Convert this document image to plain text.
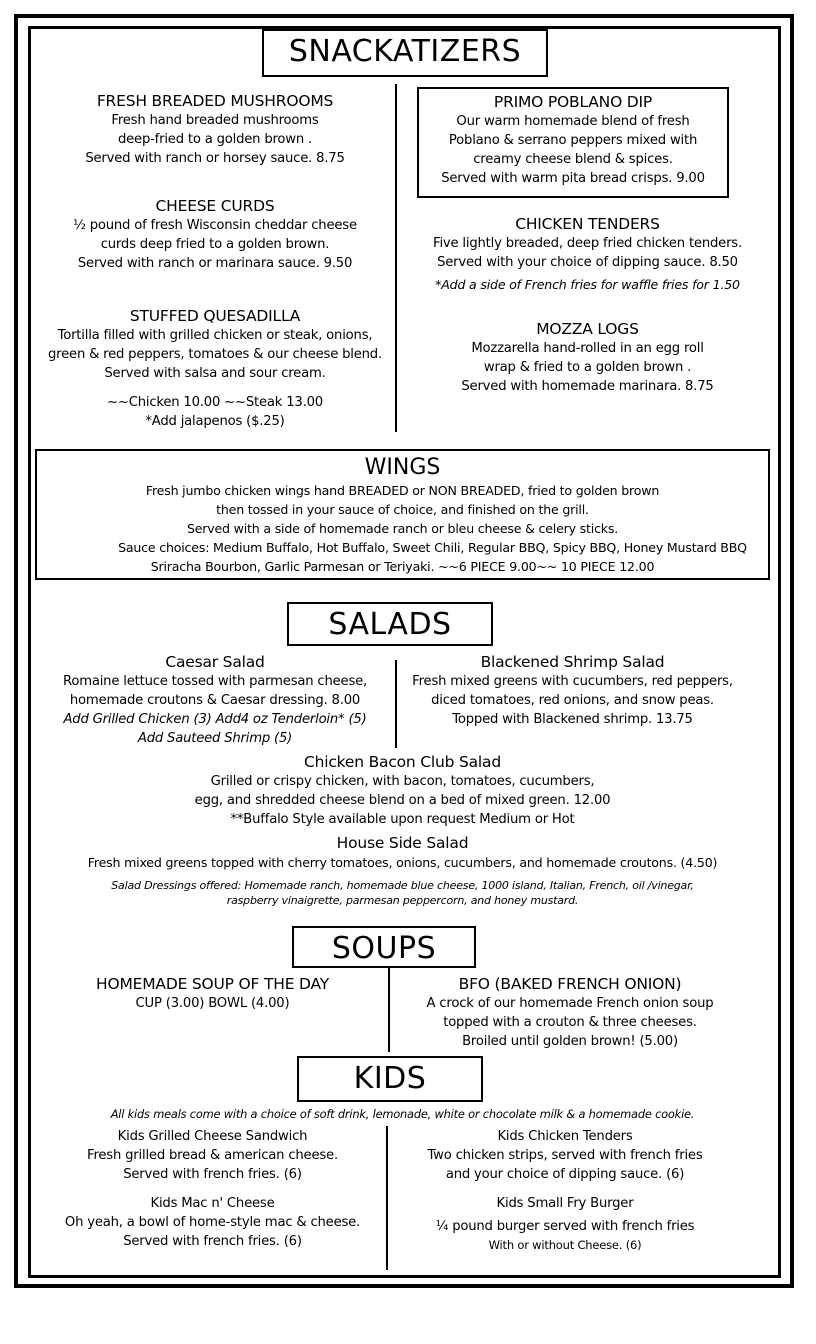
SNACKATIZERS
FRESH BREADED MUSHROOMS
Fresh hand breaded mushrooms
deep-fried to a golden brown .
Served with ranch or horsey sauce. 8.75
CHEESE CURDS
½ pound of fresh Wisconsin cheddar cheese
curds deep fried to a golden brown.
Served with ranch or marinara sauce. 9.50
STUFFED QUESADILLA
Tortilla filled with grilled chicken or steak, onions,
green & red peppers, tomatoes & our cheese blend.
Served with salsa and sour cream.
~~Chicken 10.00 ~~Steak 13.00
*Add jalapenos ($.25)
PRIMO POBLANO DIP
Our warm homemade blend of fresh
Poblano & serrano peppers mixed with
creamy cheese blend & spices.
Served with warm pita bread crisps. 9.00
CHICKEN TENDERS
Five lightly breaded, deep fried chicken tenders.
Served with your choice of dipping sauce. 8.50
*Add a side of French fries for waffle fries for 1.50
MOZZA LOGS
Mozzarella hand-rolled in an egg roll
wrap & fried to a golden brown .
Served with homemade marinara. 8.75
WINGS
Fresh jumbo chicken wings hand BREADED or NON BREADED, fried to golden brown
then tossed in your sauce of choice, and finished on the grill.
Served with a side of homemade ranch or bleu cheese & celery sticks.
Sauce choices: Medium Buffalo, Hot Buffalo, Sweet Chili, Regular BBQ, Spicy BBQ, Honey Mustard BBQ
Sriracha Bourbon, Garlic Parmesan or Teriyaki. ~~6 PIECE 9.00~~ 10 PIECE 12.00
SALADS
Caesar Salad
Romaine lettuce tossed with parmesan cheese,
homemade croutons & Caesar dressing. 8.00
Add Grilled Chicken (3) Add4 oz Tenderloin* (5)
Add Sauteed Shrimp (5)
Blackened Shrimp Salad
Fresh mixed greens with cucumbers, red peppers,
diced tomatoes, red onions, and snow peas.
Topped with Blackened shrimp. 13.75
Chicken Bacon Club Salad
Grilled or crispy chicken, with bacon, tomatoes, cucumbers,
egg, and shredded cheese blend on a bed of mixed green. 12.00
**Buffalo Style available upon request Medium or Hot
House Side Salad
Fresh mixed greens topped with cherry tomatoes, onions, cucumbers, and homemade croutons. (4.50)
Salad Dressings offered: Homemade ranch, homemade blue cheese, 1000 island, Italian, French, oil /vinegar,
raspberry vinaigrette, parmesan peppercorn, and honey mustard.
SOUPS
HOMEMADE SOUP OF THE DAY
CUP (3.00) BOWL (4.00)
BFO (BAKED FRENCH ONION)
A crock of our homemade French onion soup
topped with a crouton & three cheeses.
Broiled until golden brown! (5.00)
KIDS
All kids meals come with a choice of soft drink, lemonade, white or chocolate milk & a homemade cookie.
Kids Grilled Cheese Sandwich
Fresh grilled bread & american cheese.
Served with french fries. (6)
Kids Mac n' Cheese
Oh yeah, a bowl of home-style mac & cheese.
Served with french fries. (6)
Kids Chicken Tenders
Two chicken strips, served with french fries
and your choice of dipping sauce. (6)
Kids Small Fry Burger
¼ pound burger served with french fries
With or without Cheese. (6)
